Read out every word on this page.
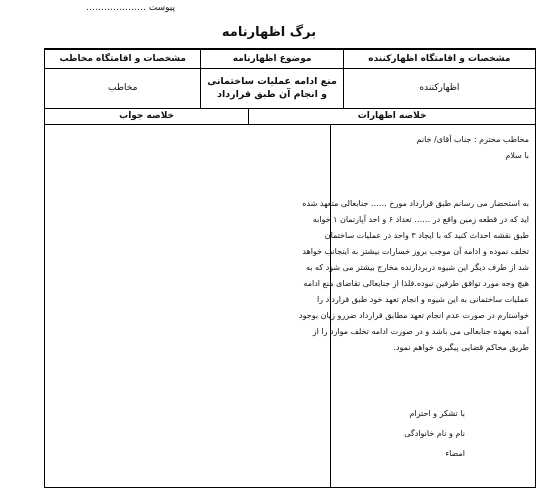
پیوست ………………..
برگ اظهارنامه
مشخصات و اقامتگاه اظهارکننده
موضوع اظهارنامه
مشخصات و اقامتگاه مخاطب
اظهارکننده
منع ادامه عملیات ساختمانی و انجام آن طبق قرارداد
مخاطب
خلاصه اظهارات
خلاصه جواب
مخاطب محترم : جناب آقای/ خانم
با سلام
به استحضار می رسانم طبق قرارداد مورخ …… جنابعالی متعهد شده
اید که در قطعه زمین واقع در …… تعداد ۶ و احد آپارتمان ۱ خوابه
طبق نقشه احداث کنید که با ایجاد ۳ واحد در عملیات ساختمان
تخلف نموده و ادامه آن موجب بروز خسارات بیشتر به اینجانب خواهد
شد از طرف دیگر این شیوه دربردارنده مخارج بیشتر می شود که به
هیچ وجه مورد توافق طرفین نبوده.فلذا از جنابعالی تقاضای منع ادامه
عملیات ساختمانی به این شیوه و انجام تعهد خود طبق قرارداد را
خواستارم در صورت عدم انجام تعهد مطابق قرارداد ضررو زیان بوجود
آمده بعهده جنابعالی می باشد و در صورت ادامه تخلف موارد را از
طریق محاکم قضایی پیگیری خواهم نمود.
با تشکر و احترام
نام و نام خانوادگی
امضاء
